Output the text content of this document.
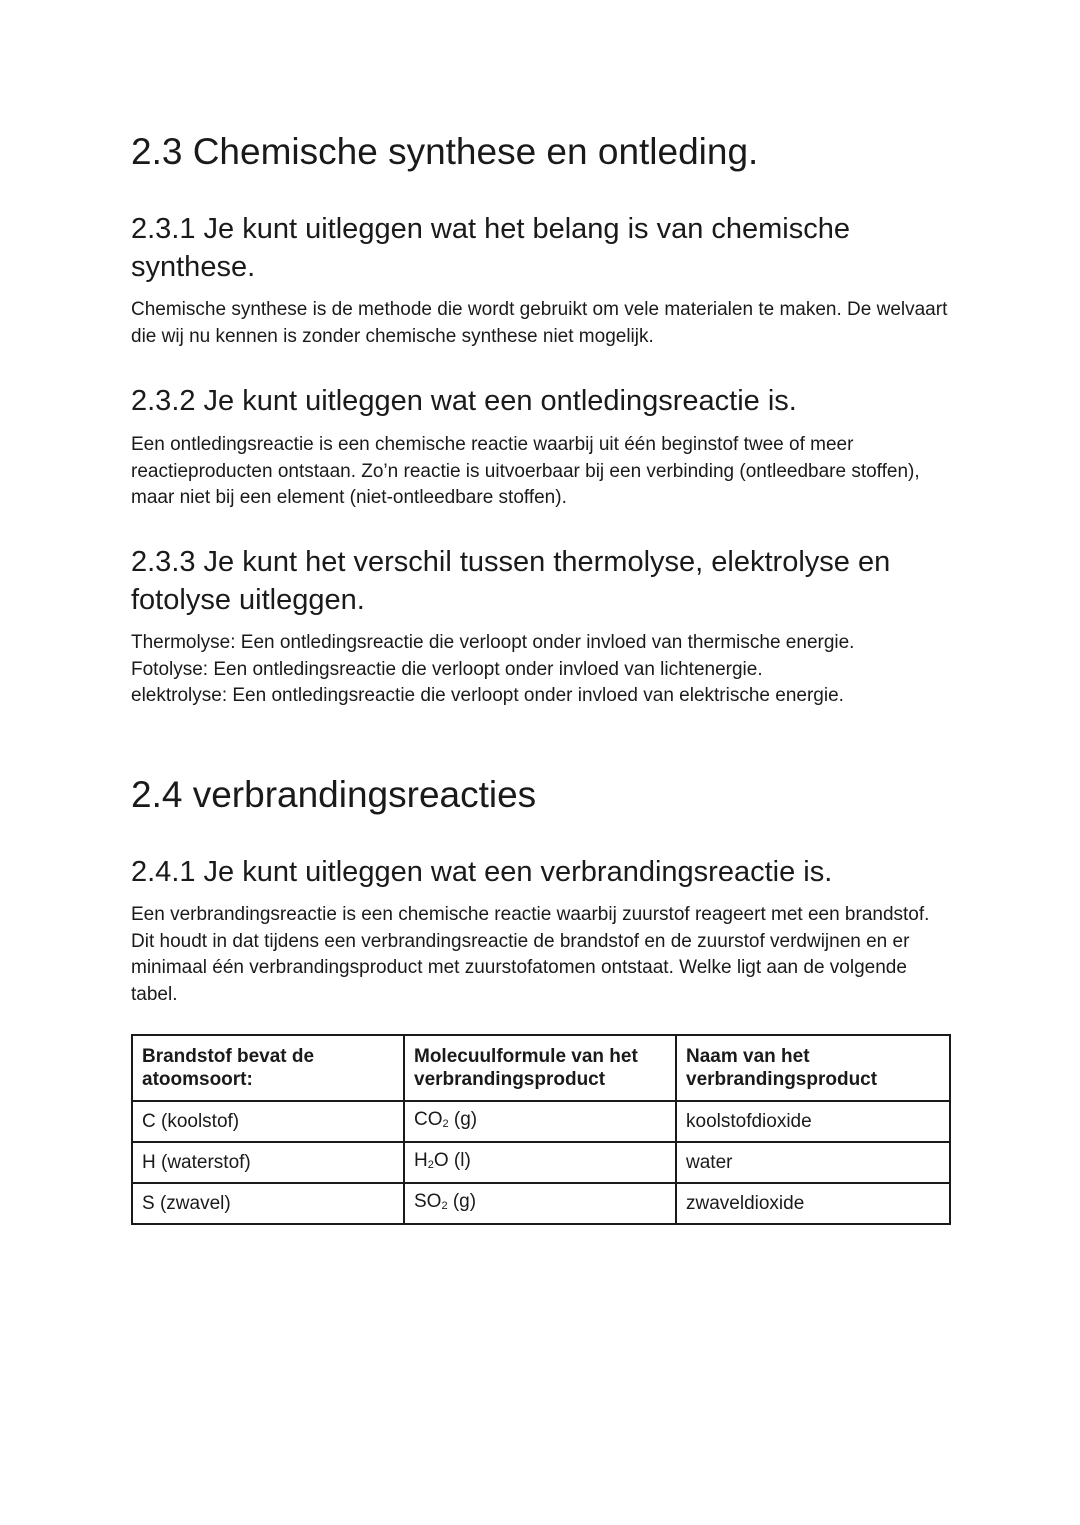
2.3 Chemische synthese en ontleding.
2.3.1 Je kunt uitleggen wat het belang is van chemische synthese.

Chemische synthese is de methode die wordt gebruikt om vele materialen te maken. De welvaart die wij nu kennen is zonder chemische synthese niet mogelijk.

2.3.2 Je kunt uitleggen wat een ontledingsreactie is.

Een ontledingsreactie is een chemische reactie waarbij uit één beginstof twee of meer reactieproducten ontstaan. Zo’n reactie is uitvoerbaar bij een verbinding (ontleedbare stoffen), maar niet bij een element (niet-ontleedbare stoffen).

2.3.3 Je kunt het verschil tussen thermolyse, elektrolyse en fotolyse uitleggen.

Thermolyse: Een ontledingsreactie die verloopt onder invloed van thermische energie.
Fotolyse: Een ontledingsreactie die verloopt onder invloed van lichtenergie.
elektrolyse: Een ontledingsreactie die verloopt onder invloed van elektrische energie.

2.4 verbrandingsreacties
2.4.1 Je kunt uitleggen wat een verbrandingsreactie is.

Een verbrandingsreactie is een chemische reactie waarbij zuurstof reageert met een brandstof. Dit houdt in dat tijdens een verbrandingsreactie de brandstof en de zuurstof verdwijnen en er minimaal één verbrandingsproduct met zuurstofatomen ontstaat. Welke ligt aan de volgende tabel.

Brandstof bevat de atoomsoort:	Molecuulformule van het verbrandingsproduct	Naam van het verbrandingsproduct
C (koolstof)	CO2 (g)	koolstofdioxide
H (waterstof)	H2O (l)	water
S (zwavel)	SO2 (g)	zwaveldioxide
